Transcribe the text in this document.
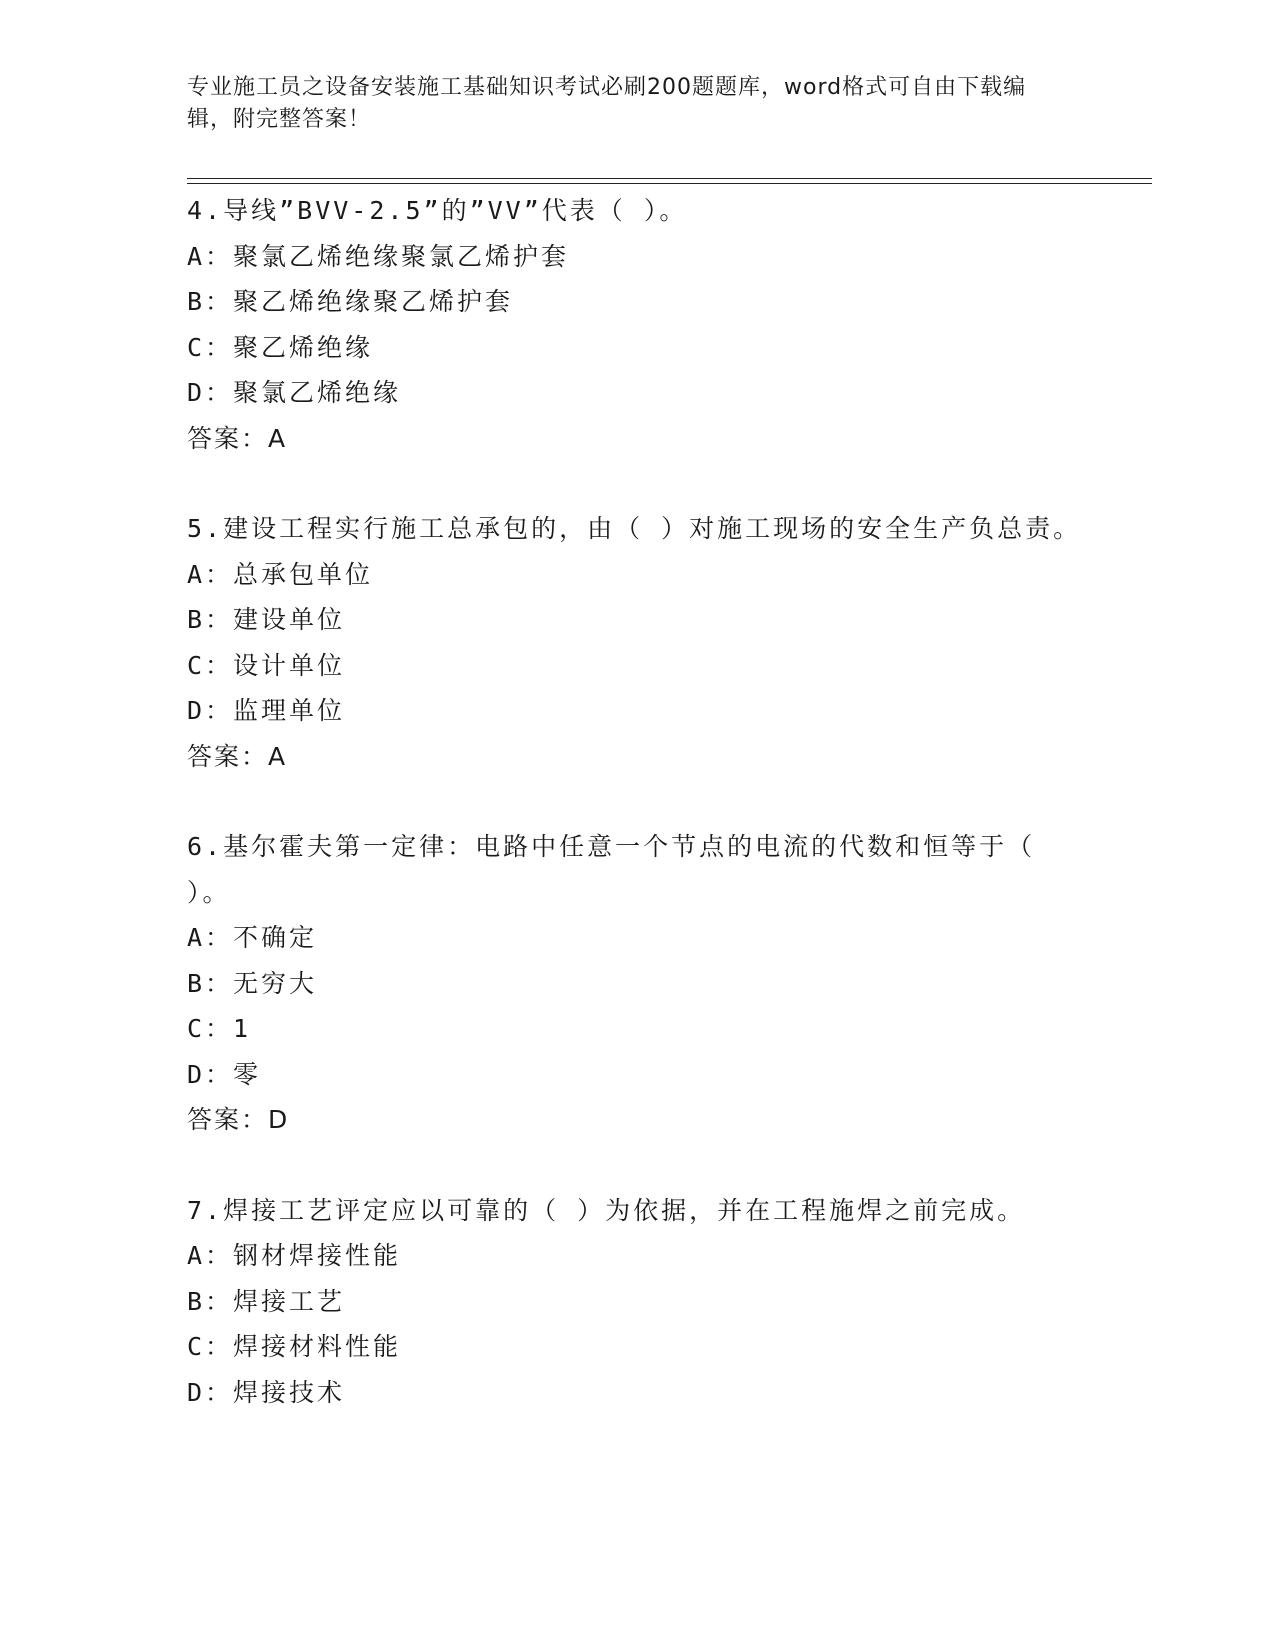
专业施工员之设备安装施工基础知识考试必刷200题题库，word格式可自由下载编辑，附完整答案！
4.导线”BVV-2.5”的”VV”代表（ ）。
A：聚氯乙烯绝缘聚氯乙烯护套
B：聚乙烯绝缘聚乙烯护套
C：聚乙烯绝缘
D：聚氯乙烯绝缘
答案：A
5.建设工程实行施工总承包的，由（ ）对施工现场的安全生产负总责。
A：总承包单位
B：建设单位
C：设计单位
D：监理单位
答案：A
6.基尔霍夫第一定律：电路中任意一个节点的电流的代数和恒等于（ ）。
A：不确定
B：无穷大
C：1
D：零
答案：D
7.焊接工艺评定应以可靠的（ ）为依据，并在工程施焊之前完成。
A：钢材焊接性能
B：焊接工艺
C：焊接材料性能
D：焊接技术
